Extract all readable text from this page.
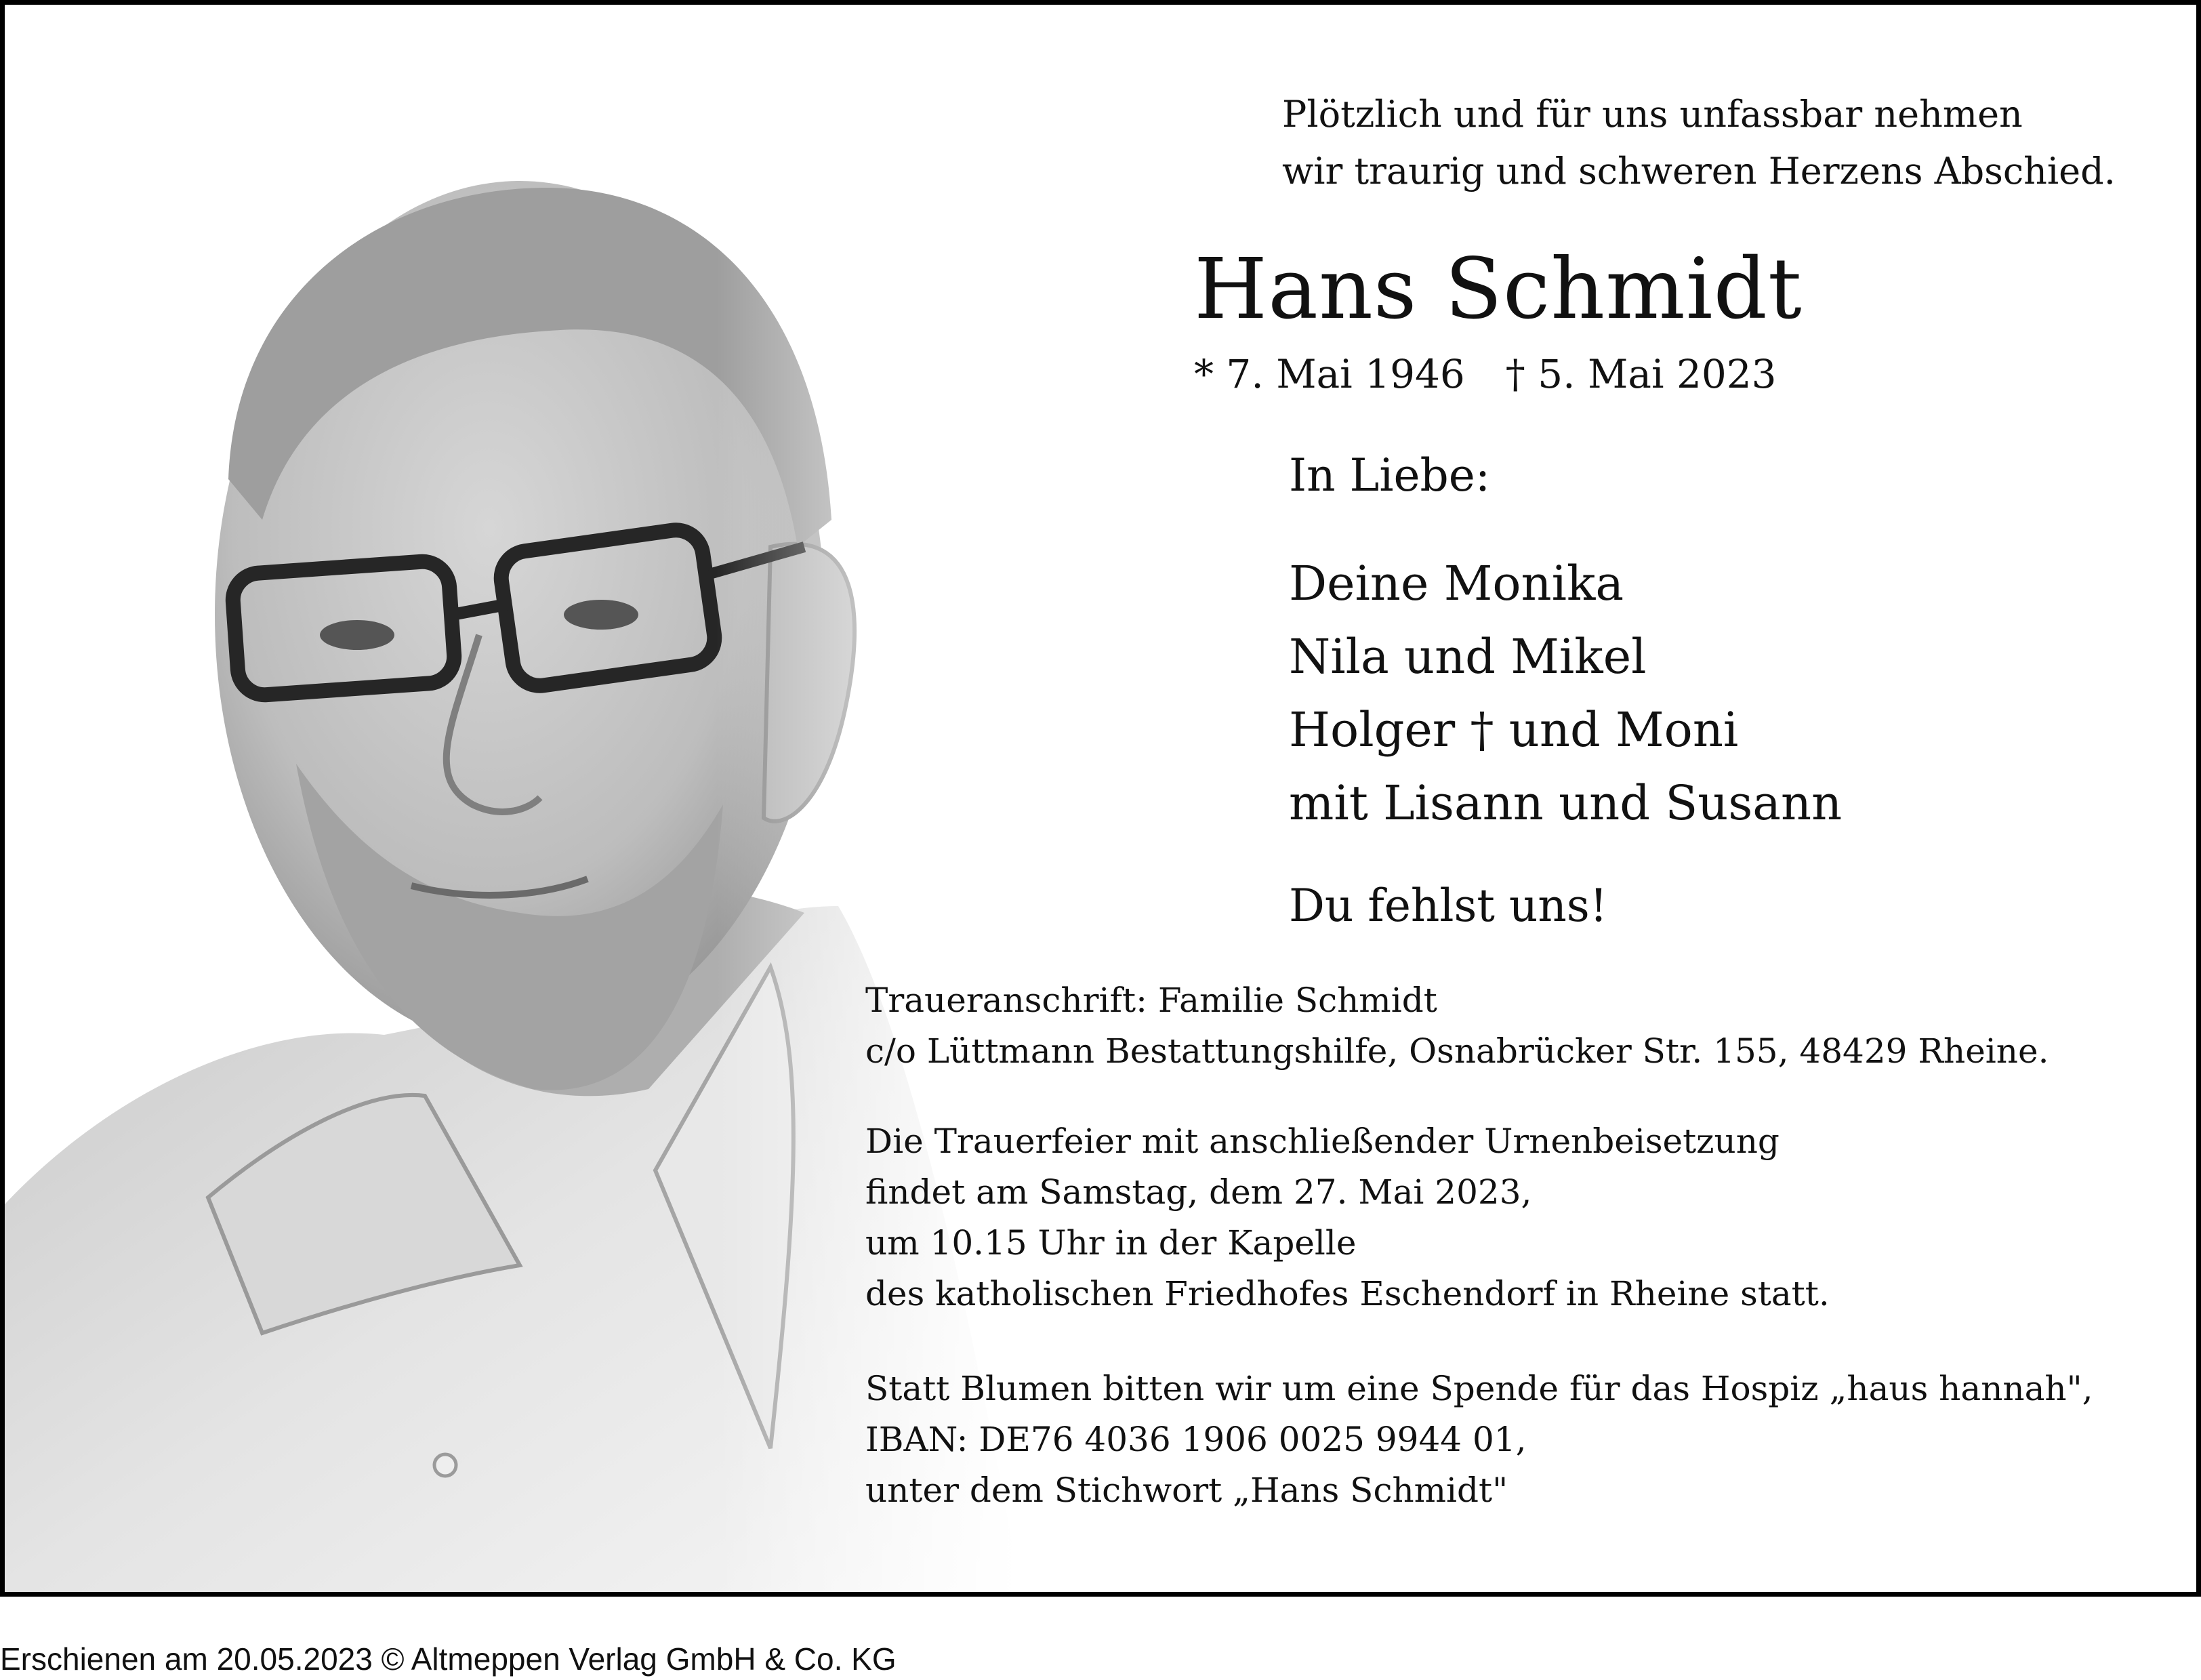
Plötzlich und für uns unfassbar nehmen
wir traurig und schweren Herzens Abschied.
Hans Schmidt
* 7. Mai 1946 † 5. Mai 2023
In Liebe:
Deine Monika
Nila und Mikel
Holger † und Moni
mit Lisann und Susann
Du fehlst uns!
Traueranschrift: Familie Schmidt
c/o Lüttmann Bestattungshilfe, Osnabrücker Str. 155, 48429 Rheine.
Die Trauerfeier mit anschließender Urnenbeisetzung
findet am Samstag, dem 27. Mai 2023,
um 10.15 Uhr in der Kapelle
des katholischen Friedhofes Eschendorf in Rheine statt.
Statt Blumen bitten wir um eine Spende für das Hospiz „haus hannah",
IBAN: DE76 4036 1906 0025 9944 01,
unter dem Stichwort „Hans Schmidt"
Erschienen am 20.05.2023 © Altmeppen Verlag GmbH & Co. KG
